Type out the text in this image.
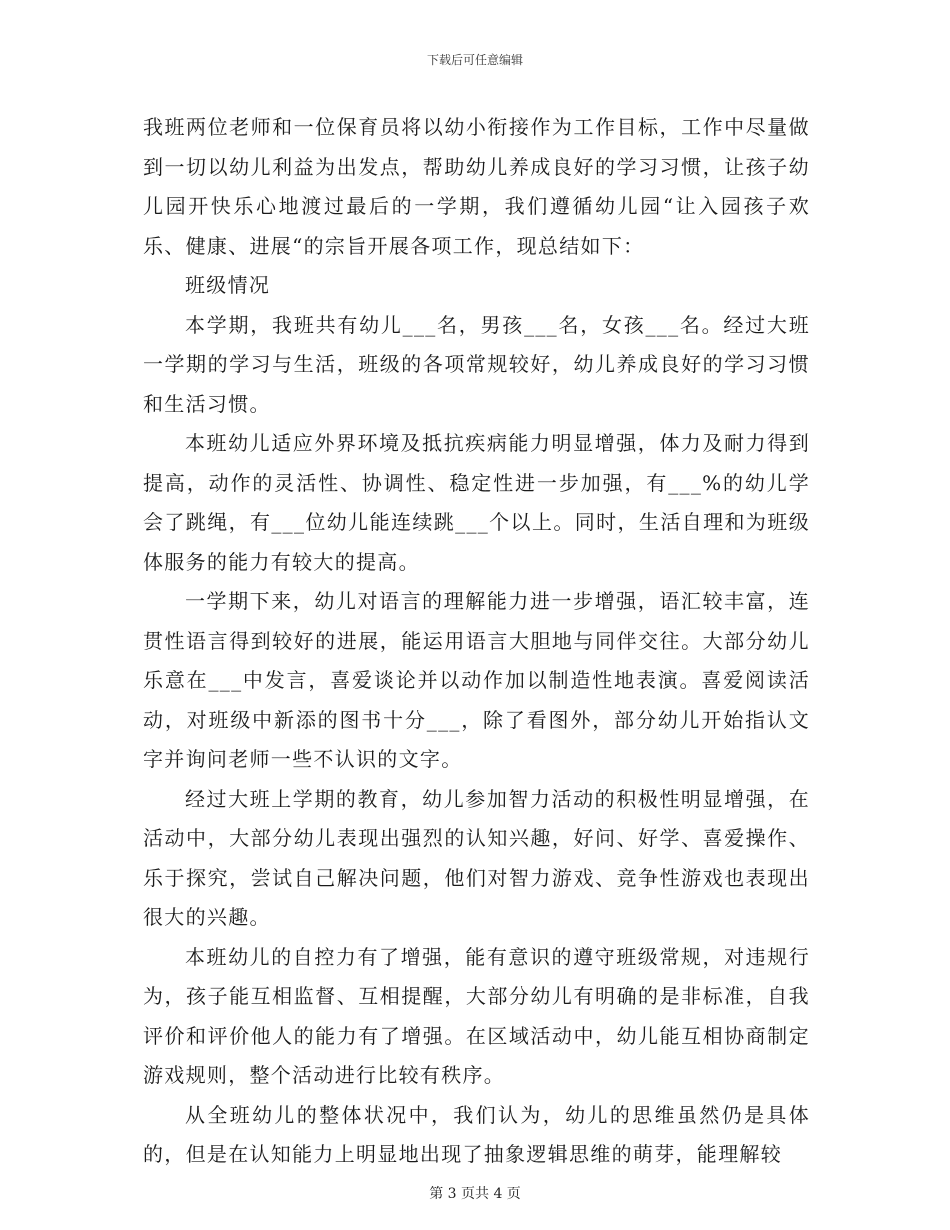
下载后可任意编辑

我班两位老师和一位保育员将以幼小衔接作为工作目标，工作中尽量做到一切以幼儿利益为出发点，帮助幼儿养成良好的学习习惯，让孩子幼儿园开快乐心地渡过最后的一学期，我们遵循幼儿园“让入园孩子欢乐、健康、进展“的宗旨开展各项工作，现总结如下：

班级情况

本学期，我班共有幼儿___名，男孩___名，女孩___名。经过大班一学期的学习与生活，班级的各项常规较好，幼儿养成良好的学习习惯和生活习惯。

本班幼儿适应外界环境及抵抗疾病能力明显增强，体力及耐力得到提高，动作的灵活性、协调性、稳定性进一步加强，有___%的幼儿学会了跳绳，有___位幼儿能连续跳___个以上。同时，生活自理和为班级体服务的能力有较大的提高。

一学期下来，幼儿对语言的理解能力进一步增强，语汇较丰富，连贯性语言得到较好的进展，能运用语言大胆地与同伴交往。大部分幼儿乐意在___中发言，喜爱谈论并以动作加以制造性地表演。喜爱阅读活动，对班级中新添的图书十分___，除了看图外，部分幼儿开始指认文字并询问老师一些不认识的文字。

经过大班上学期的教育，幼儿参加智力活动的积极性明显增强，在活动中，大部分幼儿表现出强烈的认知兴趣，好问、好学、喜爱操作、乐于探究，尝试自己解决问题，他们对智力游戏、竞争性游戏也表现出很大的兴趣。

本班幼儿的自控力有了增强，能有意识的遵守班级常规，对违规行为，孩子能互相监督、互相提醒，大部分幼儿有明确的是非标准，自我评价和评价他人的能力有了增强。在区域活动中，幼儿能互相协商制定游戏规则，整个活动进行比较有秩序。

从全班幼儿的整体状况中，我们认为，幼儿的思维虽然仍是具体的，但是在认知能力上明显地出现了抽象逻辑思维的萌芽，能理解较

第 3 页共 4 页
